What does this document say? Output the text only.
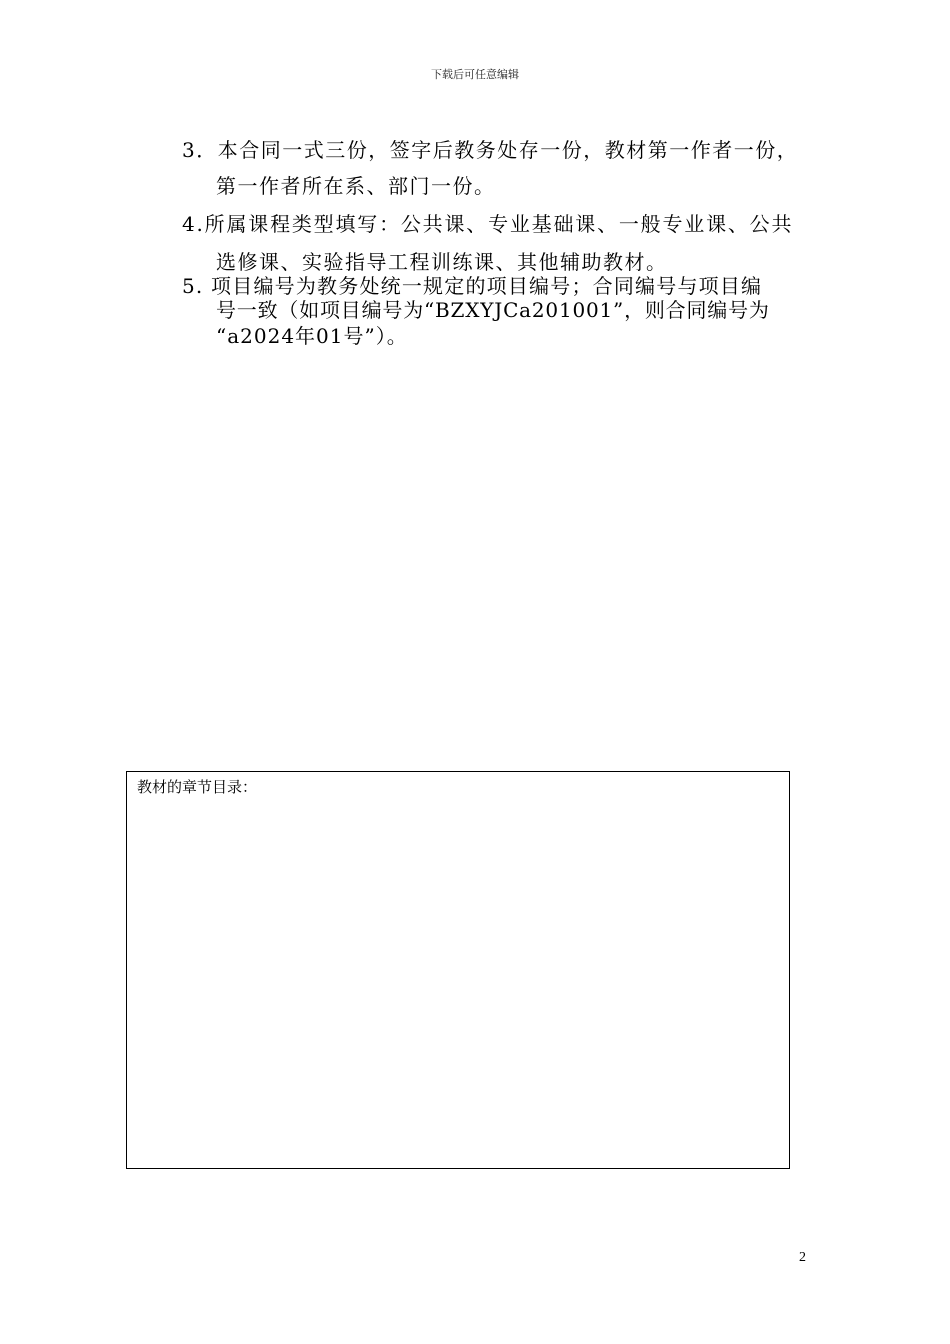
下载后可任意编辑
3．本合同一式三份，签字后教务处存一份，教材第一作者一份，
第一作者所在系、部门一份。
4.所属课程类型填写：公共课、专业基础课、一般专业课、公共
选修课、实验指导工程训练课、其他辅助教材。
5. 项目编号为教务处统一规定的项目编号；合同编号与项目编
号一致（如项目编号为“BZXYJCa201001”，则合同编号为
“a2024年01号”）。
教材的章节目录：
2
